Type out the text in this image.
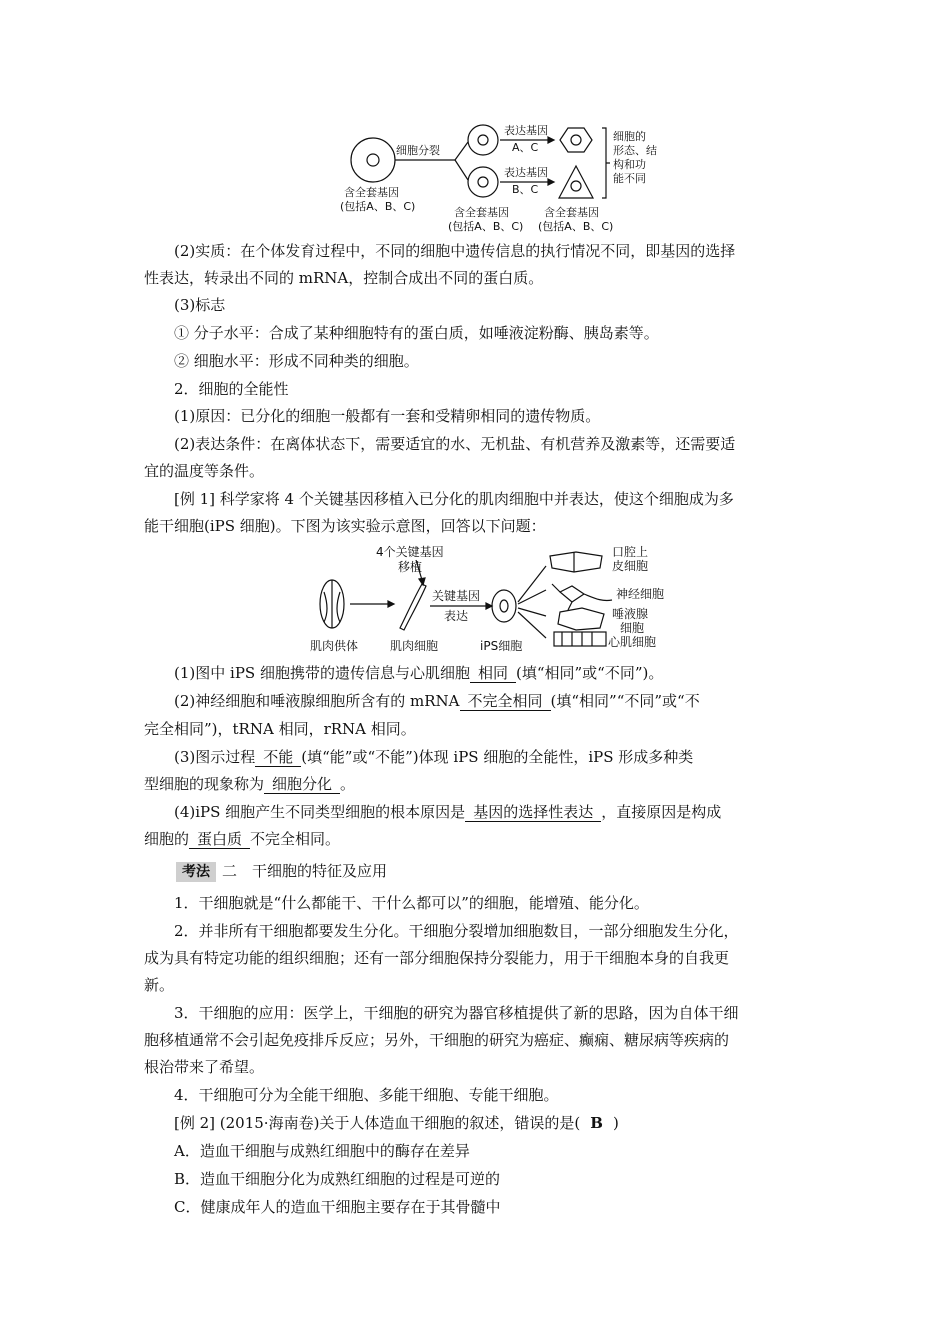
细胞分裂
表达基因
A、C
表达基因
B、C
细胞的
形态、结
构和功
能不同
含全套基因
(包括A、B、C)	含全套基因
(包括A、B、C)
含全套基因
(包括A、B、C)
(2)实质：在个体发育过程中，不同的细胞中遗传信息的执行情况不同，即基因的选择
性表达，转录出不同的 mRNA，控制合成出不同的蛋白质。
(3)标志
① 分子水平：合成了某种细胞特有的蛋白质，如唾液淀粉酶、胰岛素等。
② 细胞水平：形成不同种类的细胞。
2．细胞的全能性
(1)原因：已分化的细胞一般都有一套和受精卵相同的遗传物质。
(2)表达条件：在离体状态下，需要适宜的水、无机盐、有机营养及激素等，还需要适
宜的温度等条件。
[例 1] 科学家将 4 个关键基因移植入已分化的肌肉细胞中并表达，使这个细胞成为多
能干细胞(iPS 细胞)。下图为该实验示意图，回答以下问题：
4个关键基因
移植
关键基因
表达
肌肉供体	肌肉细胞	iPS细胞
口腔上
皮细胞
神经细胞
唾液腺
细胞
心肌细胞
(1)图中 iPS 细胞携带的遗传信息与心肌细胞 相同 (填“相同”或“不同”)。
(2)神经细胞和唾液腺细胞所含有的 mRNA 不完全相同 (填“相同”“不同”或“不
完全相同”)，tRNA 相同，rRNA 相同。
(3)图示过程 不能 (填“能”或“不能”)体现 iPS 细胞的全能性，iPS 形成多种类
型细胞的现象称为 细胞分化 。
(4)iPS 细胞产生不同类型细胞的根本原因是 基因的选择性表达 ，直接原因是构成
细胞的 蛋白质 不完全相同。
考法 二　干细胞的特征及应用
1．干细胞就是“什么都能干、干什么都可以”的细胞，能增殖、能分化。
2．并非所有干细胞都要发生分化。干细胞分裂增加细胞数目，一部分细胞发生分化，
成为具有特定功能的组织细胞；还有一部分细胞保持分裂能力，用于干细胞本身的自我更
新。
3．干细胞的应用：医学上，干细胞的研究为器官移植提供了新的思路，因为自体干细
胞移植通常不会引起免疫排斥反应；另外，干细胞的研究为癌症、癫痫、糖尿病等疾病的
根治带来了希望。
4．干细胞可分为全能干细胞、多能干细胞、专能干细胞。
[例 2] (2015·海南卷)关于人体造血干细胞的叙述，错误的是( B )
A．造血干细胞与成熟红细胞中的酶存在差异
B．造血干细胞分化为成熟红细胞的过程是可逆的
C．健康成年人的造血干细胞主要存在于其骨髓中
